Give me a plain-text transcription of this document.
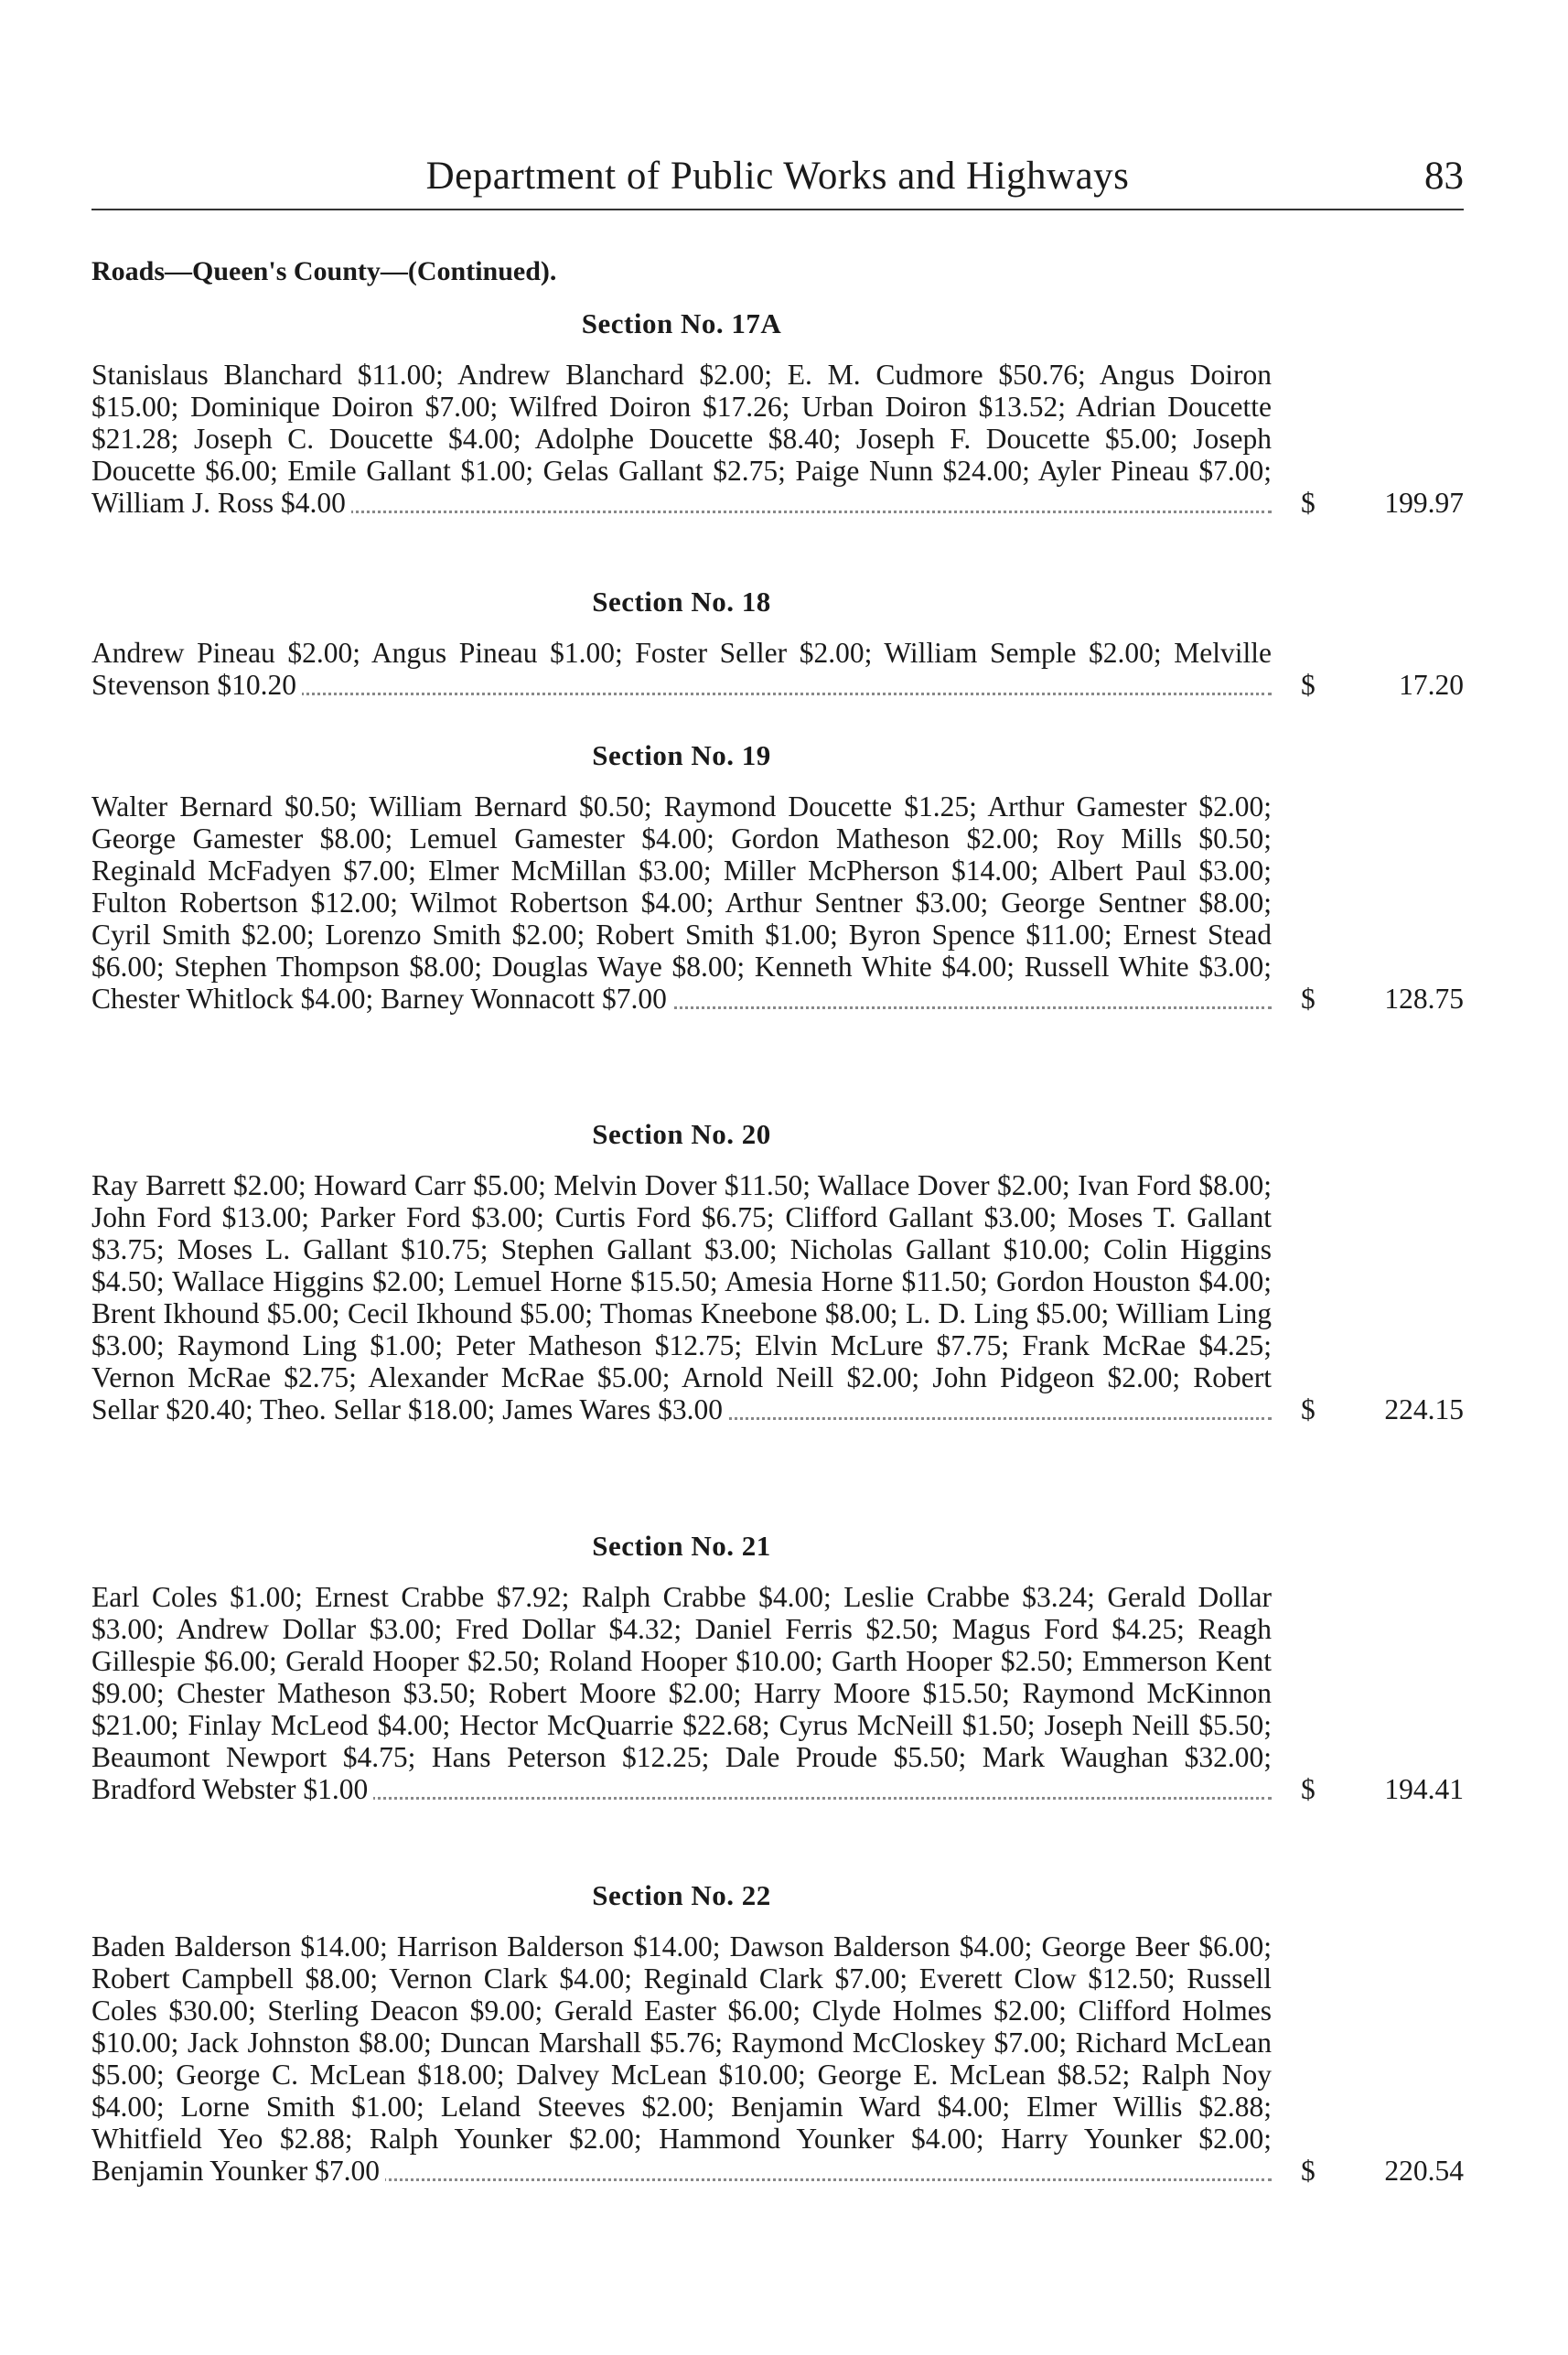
Department of Public Works and Highways	83
Roads—Queen's County—(Continued).
Section No. 17A
Stanislaus Blanchard $11.00; Andrew Blanchard $2.00; E. M. Cudmore $50.76; Angus Doiron $15.00; Dominique Doiron $7.00; Wilfred Doiron $17.26; Urban Doiron $13.52; Adrian Doucette $21.28; Joseph C. Doucette $4.00; Adolphe Doucette $8.40; Joseph F. Doucette $5.00; Joseph Doucette $6.00; Emile Gallant $1.00; Gelas Gallant $2.75; Paige Nunn $24.00; Ayler Pineau $7.00; William J. Ross $4.00	$ 199.97
Section No. 18
Andrew Pineau $2.00; Angus Pineau $1.00; Foster Seller $2.00; William Semple $2.00; Melville Stevenson $10.20	$	17.20
Section No. 19
Walter Bernard $0.50; William Bernard $0.50; Raymond Doucette $1.25; Arthur Gamester $2.00; George Gamester $8.00; Lemuel Gamester $4.00; Gordon Matheson $2.00; Roy Mills $0.50; Reginald McFadyen $7.00; Elmer McMillan $3.00; Miller McPherson $14.00; Albert Paul $3.00; Fulton Robertson $12.00; Wilmot Robertson $4.00; Arthur Sentner $3.00; George Sentner $8.00; Cyril Smith $2.00; Lorenzo Smith $2.00; Robert Smith $1.00; Byron Spence $11.00; Ernest Stead $6.00; Stephen Thompson $8.00; Douglas Waye $8.00; Kenneth White $4.00; Russell White $3.00; Chester Whitlock $4.00; Barney Wonnacott $7.00	$ 128.75
Section No. 20
Ray Barrett $2.00; Howard Carr $5.00; Melvin Dover $11.50; Wallace Dover $2.00; Ivan Ford $8.00; John Ford $13.00; Parker Ford $3.00; Curtis Ford $6.75; Clifford Gallant $3.00; Moses T. Gallant $3.75; Moses L. Gallant $10.75; Stephen Gallant $3.00; Nicholas Gallant $10.00; Colin Higgins $4.50; Wallace Higgins $2.00; Lemuel Horne $15.50; Amesia Horne $11.50; Gordon Houston $4.00; Brent Ikhound $5.00; Cecil Ikhound $5.00; Thomas Kneebone $8.00; L. D. Ling $5.00; William Ling $3.00; Raymond Ling $1.00; Peter Matheson $12.75; Elvin McLure $7.75; Frank McRae $4.25; Vernon McRae $2.75; Alexander McRae $5.00; Arnold Neill $2.00; John Pidgeon $2.00; Robert Sellar $20.40; Theo. Sellar $18.00; James Wares $3.00	$ 224.15
Section No. 21
Earl Coles $1.00; Ernest Crabbe $7.92; Ralph Crabbe $4.00; Leslie Crabbe $3.24; Gerald Dollar $3.00; Andrew Dollar $3.00; Fred Dollar $4.32; Daniel Ferris $2.50; Magus Ford $4.25; Reagh Gillespie $6.00; Gerald Hooper $2.50; Roland Hooper $10.00; Garth Hooper $2.50; Emmerson Kent $9.00; Chester Matheson $3.50; Robert Moore $2.00; Harry Moore $15.50; Raymond McKinnon $21.00; Finlay McLeod $4.00; Hector McQuarrie $22.68; Cyrus McNeill $1.50; Joseph Neill $5.50; Beaumont Newport $4.75; Hans Peterson $12.25; Dale Proude $5.50; Mark Waughan $32.00; Bradford Webster $1.00	$ 194.41
Section No. 22
Baden Balderson $14.00; Harrison Balderson $14.00; Dawson Balderson $4.00; George Beer $6.00; Robert Campbell $8.00; Vernon Clark $4.00; Reginald Clark $7.00; Everett Clow $12.50; Russell Coles $30.00; Sterling Deacon $9.00; Gerald Easter $6.00; Clyde Holmes $2.00; Clifford Holmes $10.00; Jack Johnston $8.00; Duncan Marshall $5.76; Raymond McCloskey $7.00; Richard McLean $5.00; George C. McLean $18.00; Dalvey McLean $10.00; George E. McLean $8.52; Ralph Noy $4.00; Lorne Smith $1.00; Leland Steeves $2.00; Benjamin Ward $4.00; Elmer Willis $2.88; Whitfield Yeo $2.88; Ralph Younker $2.00; Hammond Younker $4.00; Harry Younker $2.00; Benjamin Younker $7.00	$ 220.54
